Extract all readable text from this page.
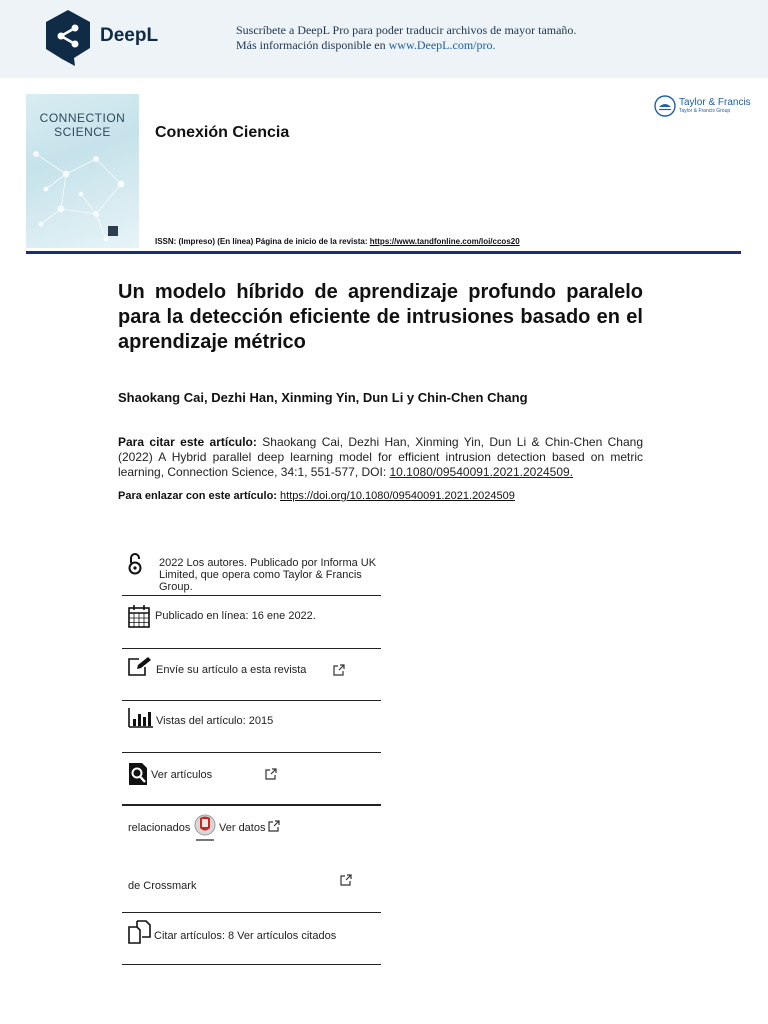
DeepL	Suscríbete a DeepL Pro para poder traducir archivos de mayor tamaño.
Más información disponible en www.DeepL.com/pro.
CONNECTION
SCIENCE	Conexión Ciencia
ISSN: (Impreso) (En línea) Página de inicio de la revista: https://www.tandfonline.com/loi/ccos20
Taylor & Francis
Taylor & Francis Group
Un modelo híbrido de aprendizaje profundo paralelo para la detección eficiente de intrusiones basado en el aprendizaje métrico
Shaokang Cai, Dezhi Han, Xinming Yin, Dun Li y Chin-Chen Chang
Para citar este artículo: Shaokang Cai, Dezhi Han, Xinming Yin, Dun Li & Chin-Chen Chang (2022) A Hybrid parallel deep learning model for efficient intrusion detection based on metric learning, Connection Science, 34:1, 551-577, DOI: 10.1080/09540091.2021.2024509.
Para enlazar con este artículo: https://doi.org/10.1080/09540091.2021.2024509
2022 Los autores. Publicado por Informa UK Limited, que opera como Taylor & Francis Group.
Publicado en línea: 16 ene 2022.
Envíe su artículo a esta revista
Vistas del artículo: 2015
Ver artículos
relacionados	Ver datos
de Crossmark
Citar artículos: 8 Ver artículos citados
